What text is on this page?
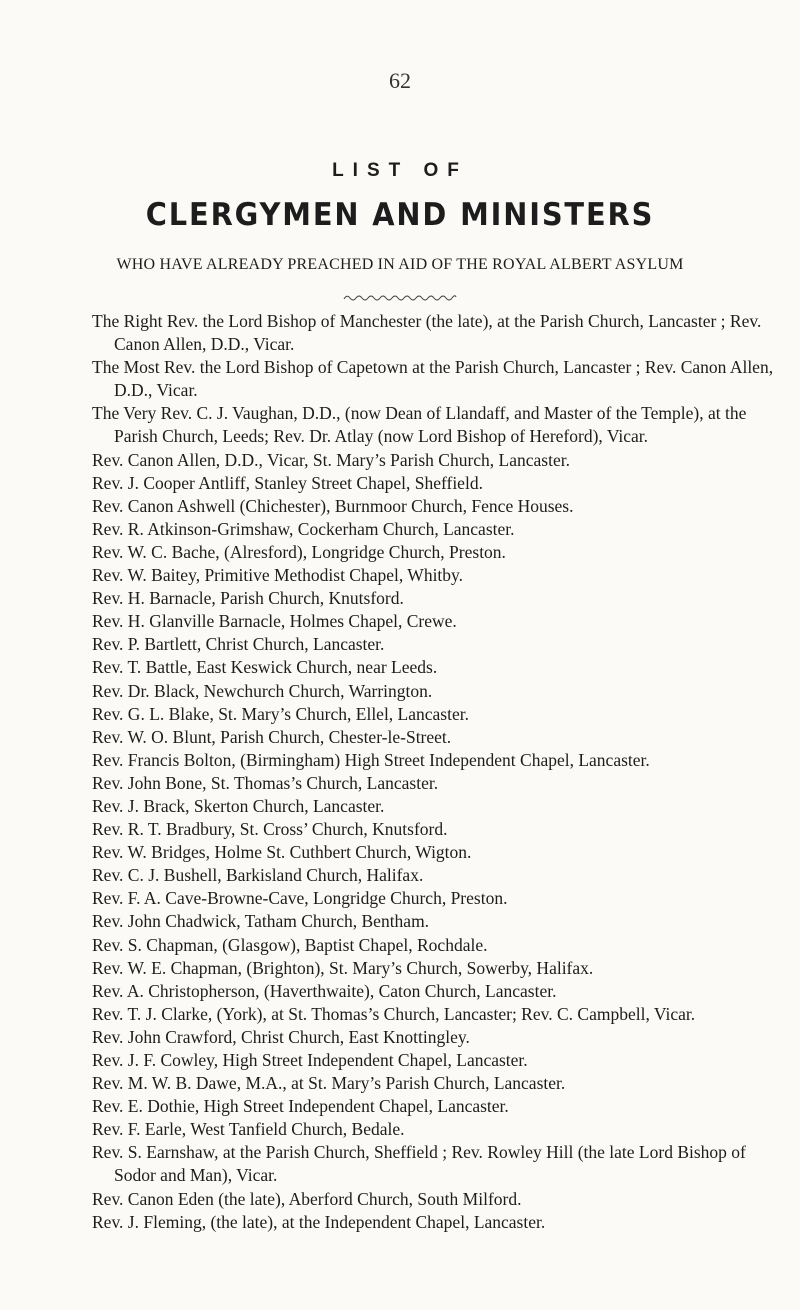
62
LIST OF
CLERGYMEN AND MINISTERS
WHO HAVE ALREADY PREACHED IN AID OF THE ROYAL ALBERT ASYLUM
The Right Rev. the Lord Bishop of Manchester (the late), at the Parish Church, Lancaster ; Rev. Canon Allen, D.D., Vicar.
The Most Rev. the Lord Bishop of Capetown at the Parish Church, Lancaster ; Rev. Canon Allen, D.D., Vicar.
The Very Rev. C. J. Vaughan, D.D., (now Dean of Llandaff, and Master of the Temple), at the Parish Church, Leeds; Rev. Dr. Atlay (now Lord Bishop of Hereford), Vicar.
Rev. Canon Allen, D.D., Vicar, St. Mary’s Parish Church, Lancaster.
Rev. J. Cooper Antliff, Stanley Street Chapel, Sheffield.
Rev. Canon Ashwell (Chichester), Burnmoor Church, Fence Houses.
Rev. R. Atkinson-Grimshaw, Cockerham Church, Lancaster.
Rev. W. C. Bache, (Alresford), Longridge Church, Preston.
Rev. W. Baitey, Primitive Methodist Chapel, Whitby.
Rev. H. Barnacle, Parish Church, Knutsford.
Rev. H. Glanville Barnacle, Holmes Chapel, Crewe.
Rev. P. Bartlett, Christ Church, Lancaster.
Rev. T. Battle, East Keswick Church, near Leeds.
Rev. Dr. Black, Newchurch Church, Warrington.
Rev. G. L. Blake, St. Mary’s Church, Ellel, Lancaster.
Rev. W. O. Blunt, Parish Church, Chester-le-Street.
Rev. Francis Bolton, (Birmingham) High Street Independent Chapel, Lancaster.
Rev. John Bone, St. Thomas’s Church, Lancaster.
Rev. J. Brack, Skerton Church, Lancaster.
Rev. R. T. Bradbury, St. Cross’ Church, Knutsford.
Rev. W. Bridges, Holme St. Cuthbert Church, Wigton.
Rev. C. J. Bushell, Barkisland Church, Halifax.
Rev. F. A. Cave-Browne-Cave, Longridge Church, Preston.
Rev. John Chadwick, Tatham Church, Bentham.
Rev. S. Chapman, (Glasgow), Baptist Chapel, Rochdale.
Rev. W. E. Chapman, (Brighton), St. Mary’s Church, Sowerby, Halifax.
Rev. A. Christopherson, (Haverthwaite), Caton Church, Lancaster.
Rev. T. J. Clarke, (York), at St. Thomas’s Church, Lancaster; Rev. C. Campbell, Vicar.
Rev. John Crawford, Christ Church, East Knottingley.
Rev. J. F. Cowley, High Street Independent Chapel, Lancaster.
Rev. M. W. B. Dawe, M.A., at St. Mary’s Parish Church, Lancaster.
Rev. E. Dothie, High Street Independent Chapel, Lancaster.
Rev. F. Earle, West Tanfield Church, Bedale.
Rev. S. Earnshaw, at the Parish Church, Sheffield ; Rev. Rowley Hill (the late Lord Bishop of Sodor and Man), Vicar.
Rev. Canon Eden (the late), Aberford Church, South Milford.
Rev. J. Fleming, (the late), at the Independent Chapel, Lancaster.
